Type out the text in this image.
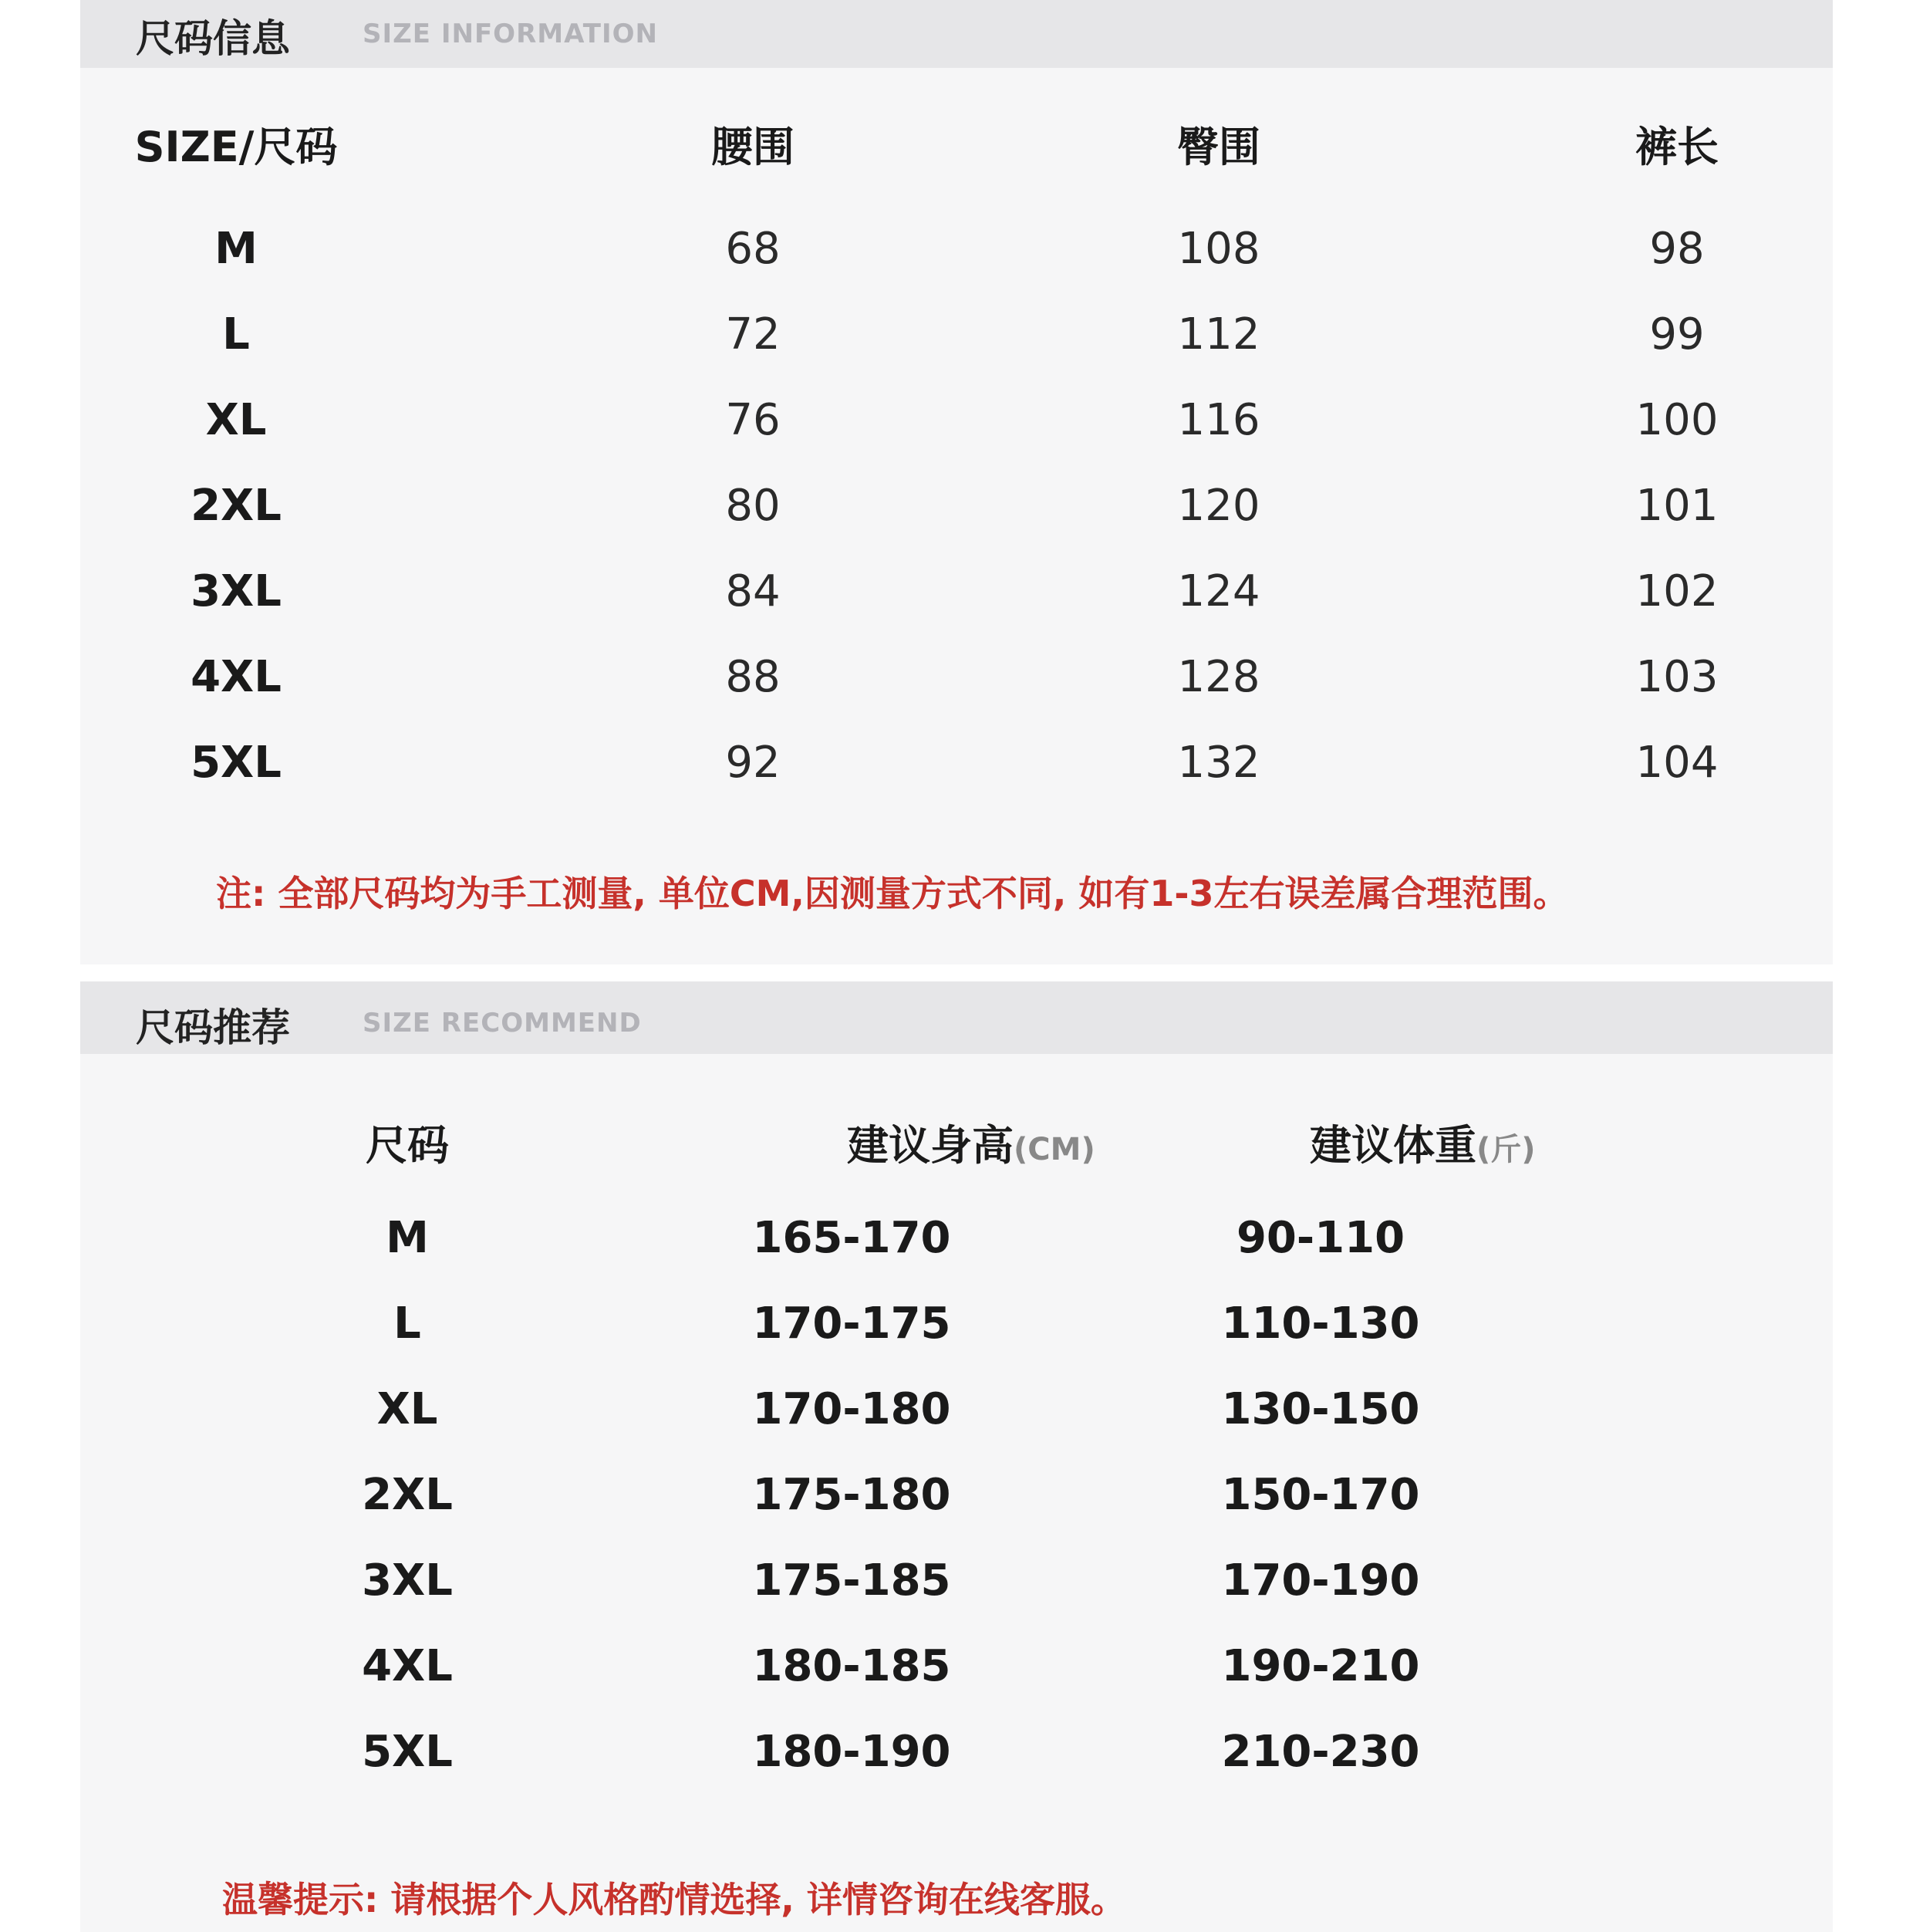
尺码信息	SIZE INFORMATION
SIZE/尺码	腰围	臀围	裤长
M	68	108	98
L	72	112	99
XL	76	116	100
2XL	80	120	101
3XL	84	124	102
4XL	88	128	103
5XL	92	132	104
注: 全部尺码均为手工测量, 单位CM,因测量方式不同, 如有1-3左右误差属合理范围。
尺码推荐	SIZE RECOMMEND
尺码	建议身高(CM)	建议体重(斤)
M	165-170	90-110
L	170-175	110-130
XL	170-180	130-150
2XL	175-180	150-170
3XL	175-185	170-190
4XL	180-185	190-210
5XL	180-190	210-230
温馨提示: 请根据个人风格酌情选择, 详情咨询在线客服。
